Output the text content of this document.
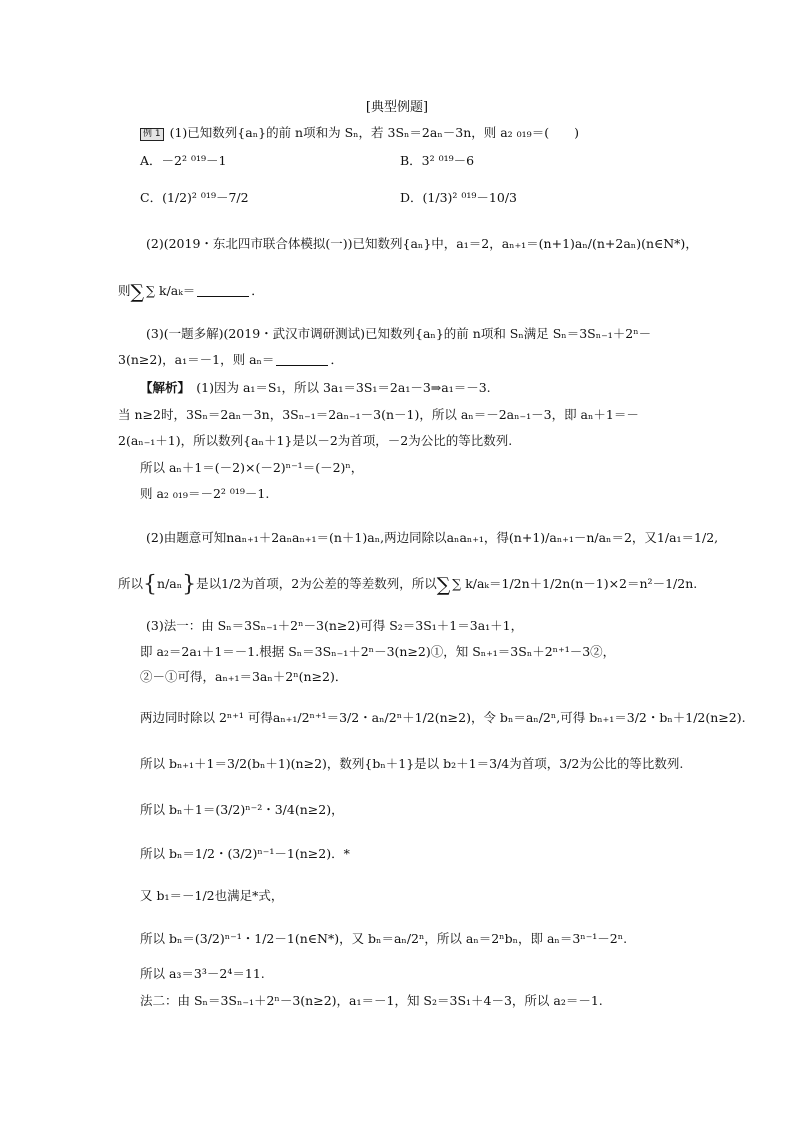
[典型例题]
例 1 (1)已知数列{aₙ}的前 n项和为 Sₙ，若 3Sₙ＝2aₙ－3n，则 a₂ ₀₁₉＝(　　)
A．－2² ⁰¹⁹－1	B．3² ⁰¹⁹－6
C．(1/2)² ⁰¹⁹－7/2	D．(1/3)² ⁰¹⁹－10/3
(2)(2019・东北四市联合体模拟(一))已知数列{aₙ}中，a₁＝2，aₙ₊₁＝(n+1)aₙ/(n+2aₙ)(n∈N*)，
则∑ ∑ k/aₖ＝	．
(3)(一题多解)(2019・武汉市调研测试)已知数列{aₙ}的前 n项和 Sₙ满足 Sₙ＝3Sₙ₋₁＋2ⁿ－
3(n≥2)，a₁＝－1，则 aₙ＝	．
【解析】　 (1)因为 a₁＝S₁，所以 3a₁＝3S₁＝2a₁－3⇒a₁＝－3.
当 n≥2时，3Sₙ＝2aₙ－3n，3Sₙ₋₁＝2aₙ₋₁－3(n－1)，所以 aₙ＝－2aₙ₋₁－3，即 aₙ＋1＝－
2(aₙ₋₁＋1)，所以数列{aₙ＋1}是以－2为首项，－2为公比的等比数列.
所以 aₙ＋1＝(－2)×(－2)ⁿ⁻¹＝(－2)ⁿ，
则 a₂ ₀₁₉＝－2² ⁰¹⁹－1.
(2)由题意可知naₙ₊₁＋2aₙaₙ₊₁＝(n＋1)aₙ,两边同除以aₙaₙ₊₁，得(n+1)/aₙ₊₁－n/aₙ＝2，又1/a₁＝1/2,
所以{n/aₙ}是以1/2为首项，2为公差的等差数列，所以∑ ∑ k/aₖ＝1/2n＋1/2n(n－1)×2＝n²－1/2n.
(3)法一：由 Sₙ＝3Sₙ₋₁＋2ⁿ－3(n≥2)可得 S₂＝3S₁＋1＝3a₁＋1，
即 a₂＝2a₁＋1＝－1.根据 Sₙ＝3Sₙ₋₁＋2ⁿ－3(n≥2)①，知 Sₙ₊₁＝3Sₙ＋2ⁿ⁺¹－3②，
②－①可得，aₙ₊₁＝3aₙ＋2ⁿ(n≥2)．
两边同时除以 2ⁿ⁺¹ 可得aₙ₊₁/2ⁿ⁺¹＝3/2・aₙ/2ⁿ＋1/2(n≥2)，令 bₙ＝aₙ/2ⁿ,可得 bₙ₊₁＝3/2・bₙ＋1/2(n≥2).
所以 bₙ₊₁＋1＝3/2(bₙ＋1)(n≥2)，数列{bₙ＋1}是以 b₂＋1＝3/4为首项，3/2为公比的等比数列.
所以 bₙ＋1＝(3/2)ⁿ⁻²・3/4(n≥2)，
所以 bₙ＝1/2・(3/2)ⁿ⁻¹－1(n≥2)．*
又 b₁＝－1/2也满足*式，
所以 bₙ＝(3/2)ⁿ⁻¹・1/2－1(n∈N*)，又 bₙ＝aₙ/2ⁿ，所以 aₙ＝2ⁿbₙ，即 aₙ＝3ⁿ⁻¹－2ⁿ.
所以 a₃＝3³－2⁴＝11.
法二：由 Sₙ＝3Sₙ₋₁＋2ⁿ－3(n≥2)，a₁＝－1，知 S₂＝3S₁＋4－3，所以 a₂＝－1.
